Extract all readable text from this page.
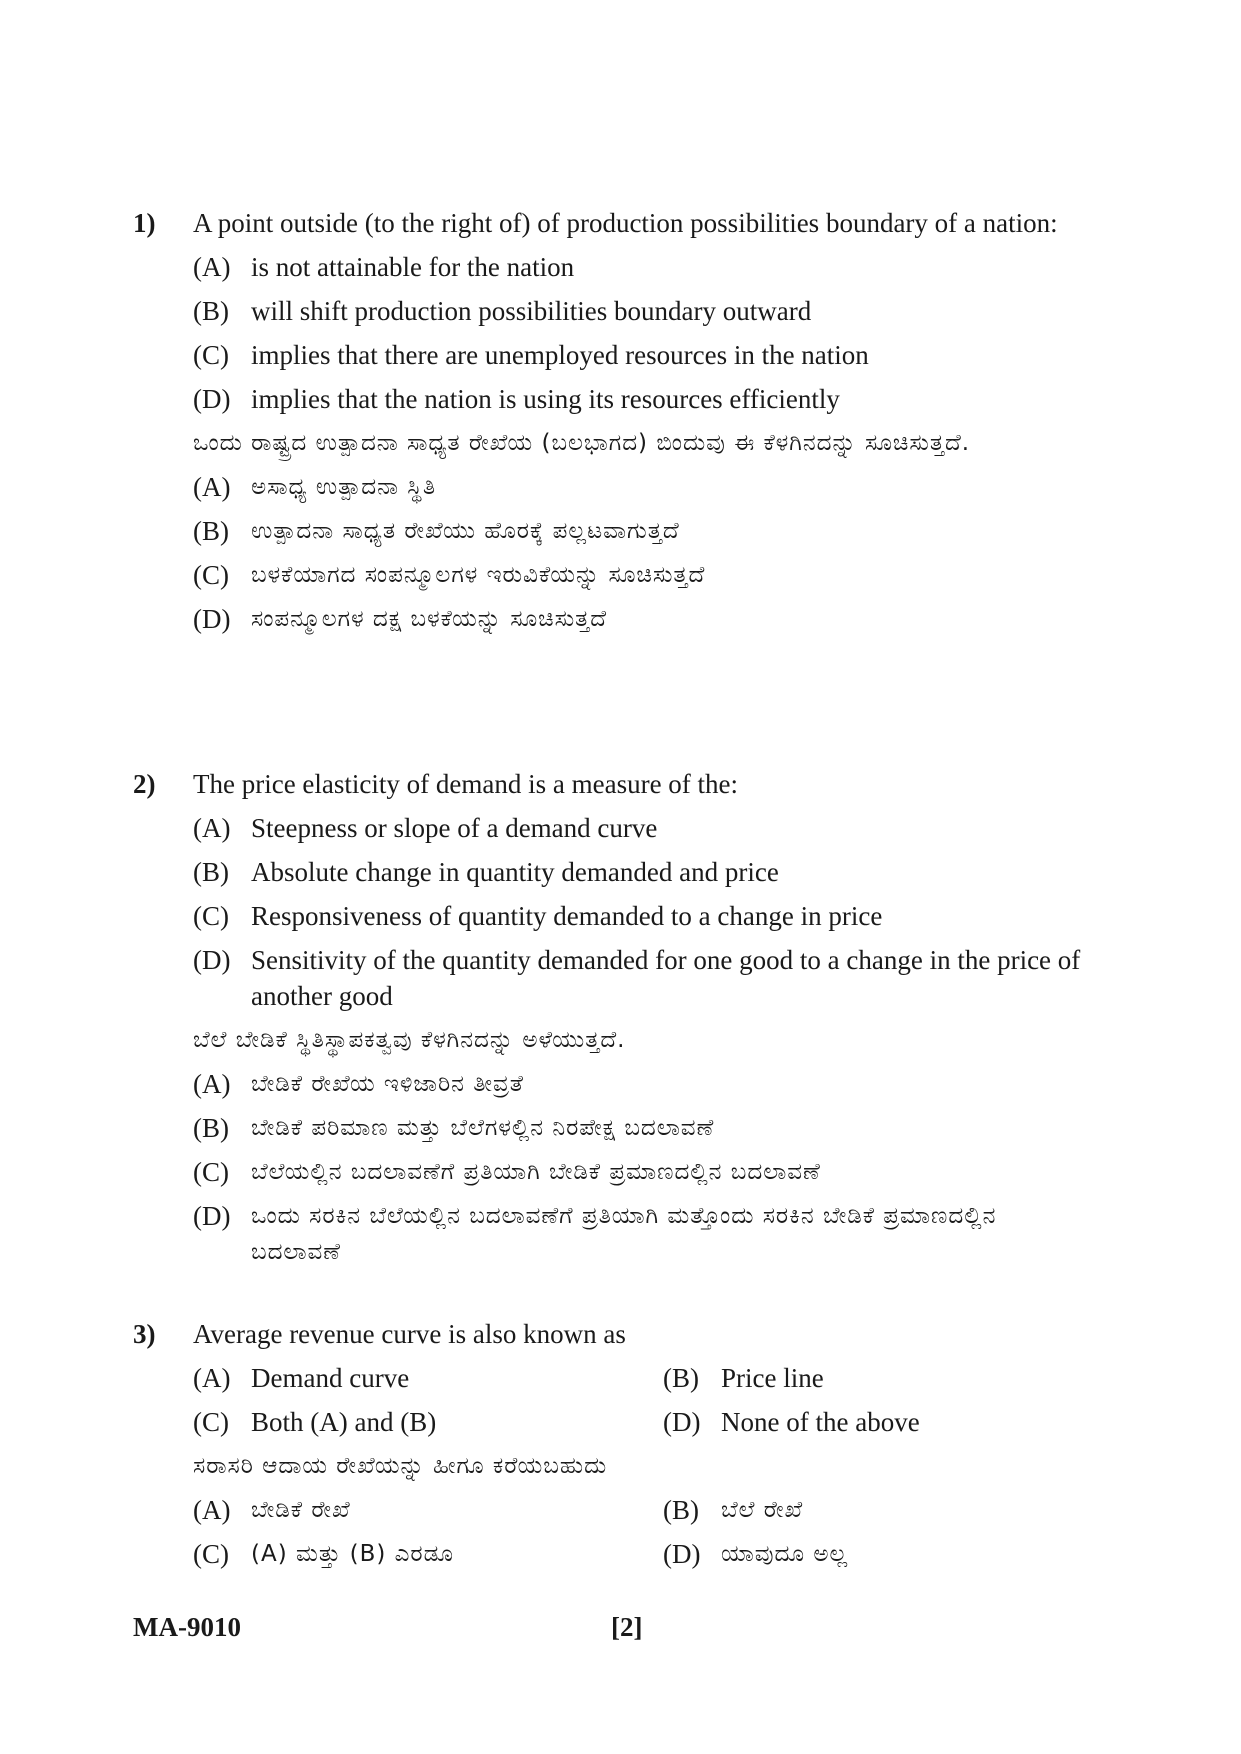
1) A point outside (to the right of) of production possibilities boundary of a nation:
(A) is not attainable for the nation
(B) will shift production possibilities boundary outward
(C) implies that there are unemployed resources in the nation
(D) implies that the nation is using its resources efficiently
ಒಂದು ರಾಷ್ಟ್ರದ ಉತ್ಪಾದನಾ ಸಾಧ್ಯತ ರೇಖೆಯ (ಬಲಭಾಗದ) ಬಿಂದುವು ಈ ಕೆಳಗಿನದನ್ನು ಸೂಚಿಸುತ್ತದೆ.
(A) ಅಸಾಧ್ಯ ಉತ್ಪಾದನಾ ಸ್ಥಿತಿ
(B) ಉತ್ಪಾದನಾ ಸಾಧ್ಯತ ರೇಖೆಯು ಹೊರಕ್ಕೆ ಪಲ್ಲಟವಾಗುತ್ತದೆ
(C) ಬಳಕೆಯಾಗದ ಸಂಪನ್ಮೂಲಗಳ ಇರುವಿಕೆಯನ್ನು ಸೂಚಿಸುತ್ತದೆ
(D) ಸಂಪನ್ಮೂಲಗಳ ದಕ್ಷ ಬಳಕೆಯನ್ನು ಸೂಚಿಸುತ್ತದೆ
2) The price elasticity of demand is a measure of the:
(A) Steepness or slope of a demand curve
(B) Absolute change in quantity demanded and price
(C) Responsiveness of quantity demanded to a change in price
(D) Sensitivity of the quantity demanded for one good to a change in the price of another good
ಬೆಲೆ ಬೇಡಿಕೆ ಸ್ಥಿತಿಸ್ಥಾಪಕತ್ವವು ಕೆಳಗಿನದನ್ನು ಅಳೆಯುತ್ತದೆ.
(A) ಬೇಡಿಕೆ ರೇಖೆಯ ಇಳಿಜಾರಿನ ತೀವ್ರತೆ
(B) ಬೇಡಿಕೆ ಪರಿಮಾಣ ಮತ್ತು ಬೆಲೆಗಳಲ್ಲಿನ ನಿರಪೇಕ್ಷ ಬದಲಾವಣೆ
(C) ಬೆಲೆಯಲ್ಲಿನ ಬದಲಾವಣೆಗೆ ಪ್ರತಿಯಾಗಿ ಬೇಡಿಕೆ ಪ್ರಮಾಣದಲ್ಲಿನ ಬದಲಾವಣೆ
(D) ಒಂದು ಸರಕಿನ ಬೆಲೆಯಲ್ಲಿನ ಬದಲಾವಣೆಗೆ ಪ್ರತಿಯಾಗಿ ಮತ್ತೊಂದು ಸರಕಿನ ಬೇಡಿಕೆ ಪ್ರಮಾಣದಲ್ಲಿನ ಬದಲಾವಣೆ
3) Average revenue curve is also known as
(A) Demand curve	(B) Price line
(C) Both (A) and (B)	(D) None of the above
ಸರಾಸರಿ ಆದಾಯ ರೇಖೆಯನ್ನು ಹೀಗೂ ಕರೆಯಬಹುದು
(A) ಬೇಡಿಕೆ ರೇಖೆ	(B) ಬೆಲೆ ರೇಖೆ
(C) (A) ಮತ್ತು (B) ಎರಡೂ	(D) ಯಾವುದೂ ಅಲ್ಲ
MA-9010	[2]
